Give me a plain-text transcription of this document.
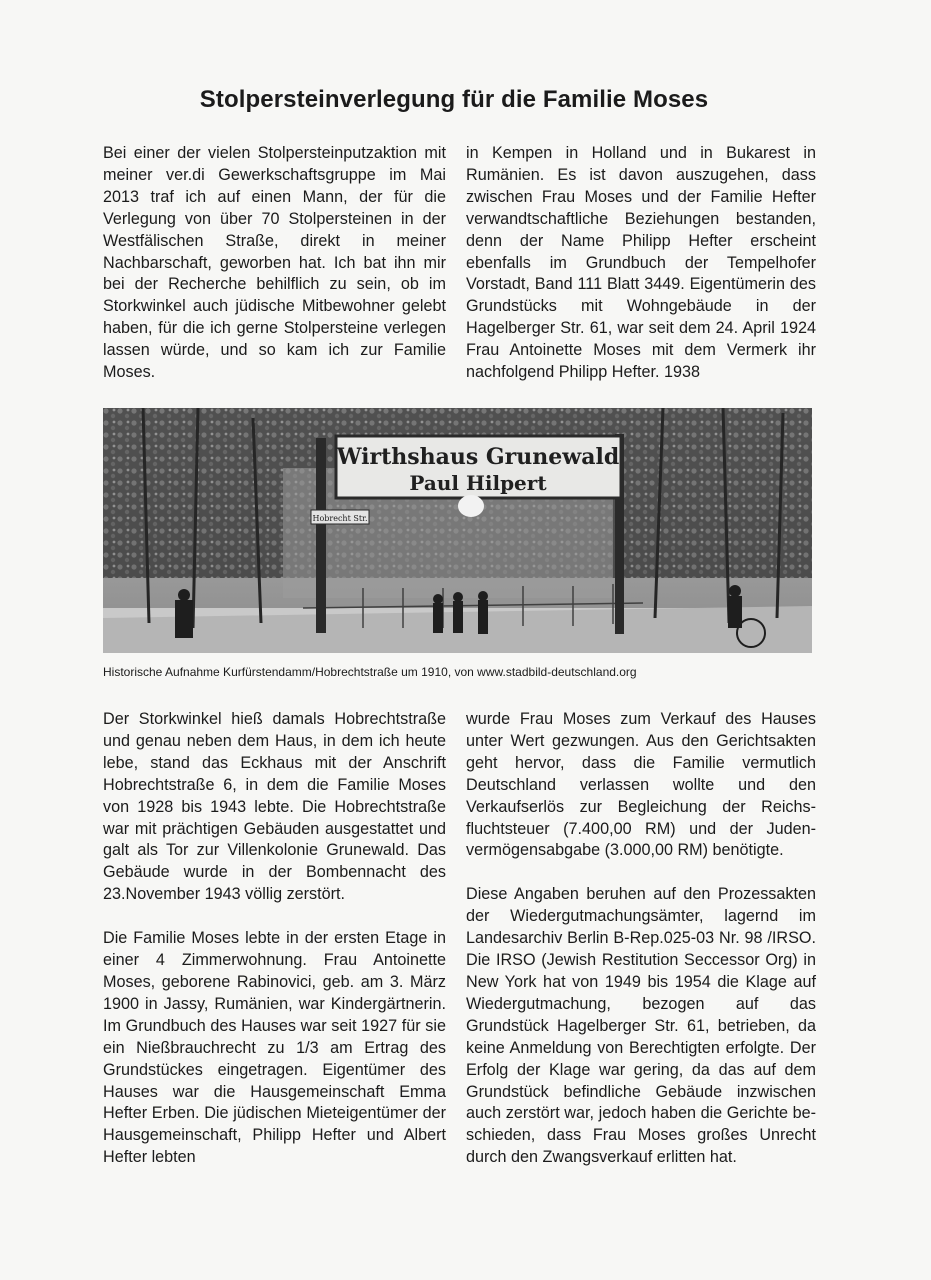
Stolpersteinverlegung für die Familie Moses

Bei einer der vielen Stolpersteinputzaktion mit meiner ver.di Gewerkschaftsgruppe im Mai 2013 traf ich auf einen Mann, der für die Verlegung von über 70 Stolpersteinen in der Westfälischen Straße, direkt in meiner Nachbarschaft, geworben hat. Ich bat ihn mir bei der Recherche behilflich zu sein, ob im Storkwinkel auch jüdische Mitbewohner gelebt haben, für die ich gerne Stolpersteine verlegen lassen würde, und so kam ich zur Familie Moses.

in Kempen in Holland und in Bukarest in Rumänien. Es ist davon auszugehen, dass zwischen Frau Moses und der Familie Hefter verwandtschaftliche Beziehungen bestanden, denn der Name Philipp Hefter erscheint ebenfalls im Grundbuch der Tempelhofer Vorstadt, Band 111 Blatt 3449. Eigentümerin des Grundstücks mit Wohngebäude in der Hagelberger Str. 61, war seit dem 24. April 1924 Frau Antoinette Moses mit dem Vermerk ihr nachfolgend Philipp Hefter. 1938

Wirthshaus Grunewald
Paul Hilpert
Hobrecht Str.
Historische Aufnahme Kurfürstendamm/Hobrechtstraße um 1910, von www.stadbild-deutschland.org

Der Storkwinkel hieß damals Hobrechtstraße und genau neben dem Haus, in dem ich heute lebe, stand das Eckhaus mit der Anschrift Hobrechtstraße 6, in dem die Familie Moses von 1928 bis 1943 lebte. Die Hobrechtstraße war mit prächtigen Gebäuden ausgestattet und galt als Tor zur Villenkolonie Grunewald. Das Gebäude wurde in der Bombennacht des 23.November 1943 völlig zerstört.

Die Familie Moses lebte in der ersten Etage in einer 4 Zimmerwohnung. Frau Antoinette Moses, geborene Rabinovici, geb. am 3. März 1900 in Jassy, Rumänien, war Kindergärtnerin. Im Grundbuch des Hauses war seit 1927 für sie ein Nießbrauchrecht zu 1/3 am Ertrag des Grundstückes eingetragen. Eigentümer des Hauses war die Hausgemeinschaft Emma Hefter Erben. Die jüdischen Mieteigentümer der Hausgemeinschaft, Philipp Hefter und Albert Hefter lebten

wurde Frau Moses zum Verkauf des Hauses unter Wert gezwungen. Aus den Gerichtsakten geht hervor, dass die Familie vermutlich Deutschland verlassen wollte und den Verkaufserlös zur Begleichung der Reichsfluchtsteuer (7.400,00 RM) und der Judenvermögensabgabe (3.000,00 RM) benötigte.

Diese Angaben beruhen auf den Prozessakten der Wiedergutmachungsämter, lagernd im Landesarchiv Berlin B-Rep.025-03 Nr. 98 /IRSO. Die IRSO (Jewish Restitution Seccessor Org) in New York hat von 1949 bis 1954 die Klage auf Wiedergutmachung, bezogen auf das Grundstück Hagelberger Str. 61, betrieben, da keine Anmeldung von Berechtigten erfolgte. Der Erfolg der Klage war gering, da das auf dem Grundstück befindliche Gebäude inzwischen auch zerstört war, jedoch haben die Gerichte beschieden, dass Frau Moses großes Unrecht durch den Zwangsverkauf erlitten hat.
